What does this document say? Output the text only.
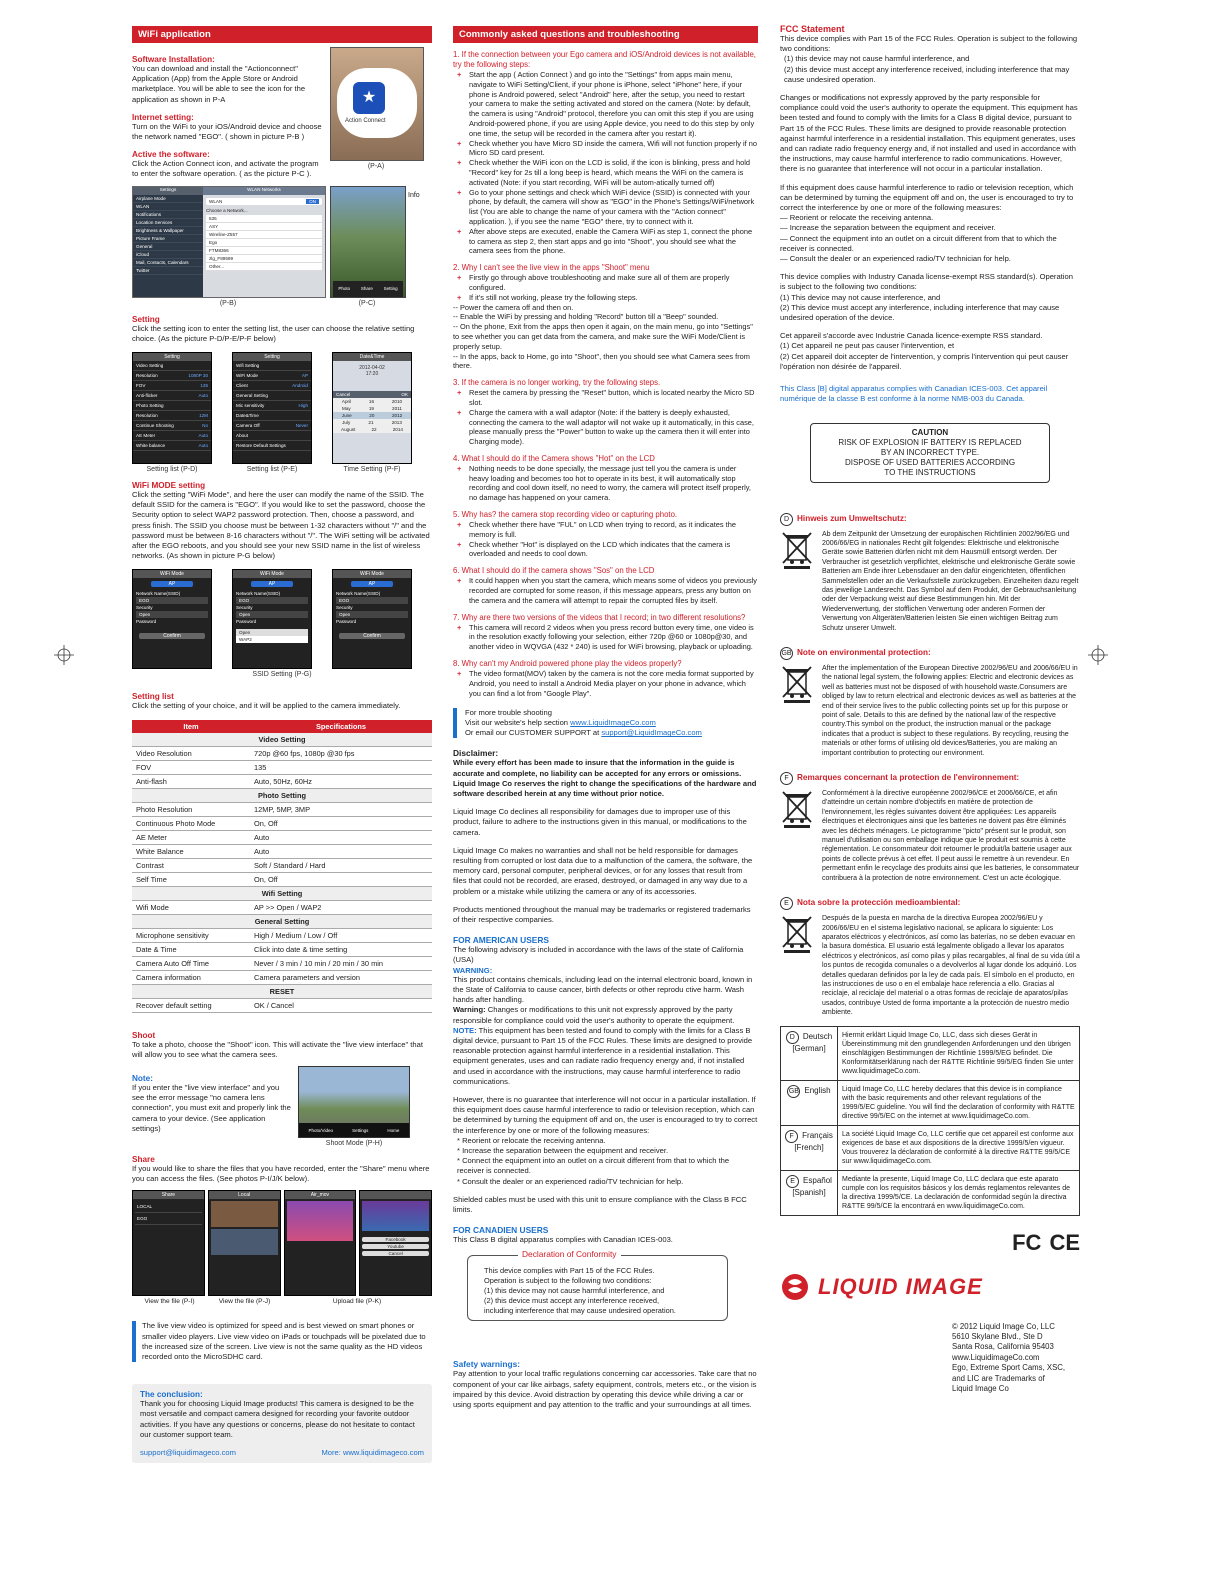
WiFi application
Software Installation:

You can download and install the "Actionconnect" Application (App) from the Apple Store or Android marketplace. You will be able to see the icon for the application as shown in P-A

Internet setting:

Turn on the WiFi to your iOS/Android device and choose the network named "EGO". ( shown in picture P-B )

Active the software:

Click the Action Connect icon, and activate the program to enter the software operation. ( as the picture P-C ).

★
Action Connect
(P-A)
Settings
Airplane Mode
WLAN
Notifications
Location Services
Brightness & Wallpaper
Picture Frame
General
iCloud
Mail, Contacts, Calendars
Twitter
WLAN Networks
WLAN	ON
Choose a Network...
535
ASY
Wireline-Z557
Ego
FTM8366
zlg_F89599
Other...
(P-B)
Photo Share Setting
Info
(P-C)
Setting

Click the setting icon to enter the setting list, the user can choose the relative setting choice. (As the picture P-D/P-E/P-F below)

Setting
Video Setting
Resolution	1080P 30
FOV	135
Anti-flicker	Auto
Photo Setting
Resolution	12M
Continue Shooting	No
AE Meter	Auto
White balance	Auto
Setting list (P-D)
Setting
Wifi Setting
WiFi Mode	AP
Client	Android
General Setting
Mic sensitivity	High
Date&Time
Camera Off	Never
About
Restore Default Settings
Setting list (P-E)
Date&Time
2012-04-02
17:20
Cancel	OK
April	16	2010
May	19	2011
June	20	2012
July	21	2013
August	22	2014
Time Setting (P-F)
WiFi MODE setting

Click the setting "WiFi Mode", and here the user can modify the name of the SSID. The default SSID for the camera is "EGO". If you would like to set the password, choose the Security option to select WAP2 password protection. Then, choose a password, and press finish. The SSID you choose must be between 1-32 characters without "/" and the password must be between 8-16 characters without "/". The WiFi setting will be activated after the EGO reboots, and you should see your new SSID name in the list of wireless networks. (As shown in picture P-G below)

WiFi Mode
AP
Network Name(SSID)
EGO
Security
Open
Password
Confirm
WiFi Mode
AP
Network Name(SSID)
EGO
Security
Open
Password
Open
WAP2
WiFi Mode
AP
Network Name(SSID)
EGO
Security
Open
Password
Confirm
SSID Setting (P-G)
Setting list

Click the setting of your choice, and it will be applied to the camera immediately.

Item	Specifications
Video Setting	
Video Resolution	720p @60 fps, 1080p @30 fps
FOV	135
Anti-flash	Auto, 50Hz, 60Hz
Photo Setting	
Photo Resolution	12MP, 5MP, 3MP
Continuous Photo Mode	On, Off
AE Meter	Auto
White Balance	Auto
Contrast	Soft / Standard / Hard
Self Time	On, Off
Wifi Setting	
Wifi Mode	AP >> Open / WAP2
General Setting	
Microphone sensitivity	High / Medium / Low / Off
Date & Time	Click into date & time setting
Camera Auto Off Time	Never / 3 min / 10 min / 20 min / 30 min
Camera information	Camera parameters and version
RESET	
Recover default setting	OK / Cancel
Shoot

To take a photo, choose the "Shoot" icon. This will activate the "live view interface" that will allow you to see what the camera sees.

Note:

If you enter the "live view interface" and you see the error message "no camera lens connection", you must exit and properly link the camera to your device. (See application settings)	Photo/Video	Settings	Home
Shoot Mode (P-H)
Share

If you would like to share the files that you have recorded, enter the "Share" menu where you can access the files. (See photos P-I/J/K below).

Share
LOCAL
EGO
Local	Air_mov
Facebook
Youtube
Cancel
View the file (P-I)	View the file (P-J)	Upload file (P-K)

The live view video is optimized for speed and is best viewed on smart phones or smaller video players. Live view video on iPads or touchpads will be pixelated due to the increased size of the screen. Live view is not the same quality as the HD videos recorded onto the MicroSDHC card.

The conclusion:

Thank you for choosing Liquid Image products! This camera is designed to be the most versatile and compact camera designed for recording your favorite outdoor activities. If you have any questions or concerns, please do not hesitate to contact our customer support team.

support@liquidimageco.com	More: www.liquidimageco.com
Commonly asked questions and troubleshooting
1. If the connection between your Ego camera and iOS/Android devices is not available, try the following steps:
+ Start the app ( Action Connect ) and go into the "Settings" from apps main menu, navigate to WiFi Setting/Client, if your phone is iPhone, select "iPhone" here, if your phone is Android powered, select "Android" here, after the setup, you need to restart your camera to make the setting activated and stored on the camera (Note: by default, the camera is using "Android" protocol, therefore you can omit this step if you are using Android-powered phone, if you are using Apple device, you need to do this step by only one time, the setup will be recorded in the camera after you restart it).
+ Check whether you have Micro SD inside the camera, Wifi will not function properly if no Micro SD card present.
+ Check whether the WiFi icon on the LCD is solid, if the icon is blinking, press and hold "Record" key for 2s till a long beep is heard, which means the WiFi on the camera is activated (Note: if you start recording, WiFi will be autom-atically turned off)
+ Go to your phone settings and check which WiFi device (SSID) is connected with your phone, by default, the camera will show as "EGO" in the Phone's Settings/WiFi/network list (You are able to change the name of your camera with the "Action connect" application. ), if you see the name "EGO" there, try to connect with it.
+ After above steps are executed, enable the Camera WiFi as step 1, connect the phone to camera as step 2, then start apps and go into "Shoot", you should see what the camera sees from the phone.
2. Why I can't see the live view in the apps "Shoot" menu
+ Firstly go through above troubleshooting and make sure all of them are properly configured.
+ If it's still not working, please try the following steps.
-- Power the camera off and then on.
-- Enable the WiFi by pressing and holding "Record" button till a "Beep" sounded.
-- On the phone, Exit from the apps then open it again, on the main menu, go into "Settings" to see whether you can get data from the camera, and make sure the WiFi Mode/Client is properly setup.
-- In the apps, back to Home, go into "Shoot", then you should see what Camera sees from there.
3. If the camera is no longer working, try the following steps.
+ Reset the camera by pressing the "Reset" button, which is located nearby the Micro SD slot.
+ Charge the camera with a wall adaptor (Note: if the battery is deeply exhausted, connecting the camera to the wall adaptor will not wake up it automatically, in this case, please manually press the "Power" button to wake up the camera then it will enter into Charging mode).
4. What I should do if the Camera shows "Hot" on the LCD
+ Nothing needs to be done specially, the message just tell you the camera is under heavy loading and becomes too hot to operate in its best, it will automatically stop recording and cool down itself, no need to worry, the camera will protect itself properly, no damage has happened on your camera.
5. Why has? the camera stop recording video or capturing photo.
+ Check whether there have "FUL" on LCD when trying to record, as it indicates the memory is full.
+ Check whether "Hot" is displayed on the LCD which indicates that the camera is overloaded and needs to cool down.
6. What I should do if the camera shows "Sos" on the LCD
+ It could happen when you start the camera, which means some of videos you previously recorded are corrupted for some reason, if this message appears, press any button on the camera and the camera will attempt to repair the corrupted files by itself.
7. Why are there two versions of the videos that I record; in two different resolutions?
+ This camera will record 2 videos when you press record button every time, one video is in the resolution exactly following your selection, either 720p @60 or 1080p@30, and another video in WQVGA (432 * 240) is used for WiFi browsing, playback or uploading.
8. Why can't my Android powered phone play the videos properly?
+ The video format(MOV) taken by the camera is not the core media format supported by Android, you need to install a Android Media player on your phone in advance, which you can find a lot from "Google Play".
For more trouble shooting
Visit our website's help section www.LiquidImageCo.com
Or email our CUSTOMER SUPPORT at support@LiquidImageCo.com
Disclaimer:

While every effort has been made to insure that the information in the guide is accurate and complete, no liability can be accepted for any errors or omissions. Liquid Image Co reserves the right to change the specifications of the hardware and software described herein at any time without prior notice.

Liquid Image Co declines all responsibility for damages due to improper use of this product, failure to adhere to the instructions given in this manual, or modifications to the camera.

Liquid Image Co makes no warranties and shall not be held responsible for damages resulting from corrupted or lost data due to a malfunction of the camera, the software, the memory card, personal computer, peripheral devices, or for any losses that result from files that could not be recorded, are erased, destroyed, or damaged in any way due to a problem or a mistake while utilizing the camera or any of its accessories.

Products mentioned throughout the manual may be trademarks or registered trademarks of their respective companies.

FOR AMERICAN USERS

The following advisory is included in accordance with the laws of the state of California (USA)

WARNING:

This product contains chemicals, including lead on the internal electronic board, known in the State of California to cause cancer, birth defects or other reprodu ctive harm. Wash hands after handling.

Warning: Changes or modifications to this unit not expressly approved by the party responsible for compliance could void the user's authority to operate the equipment.

NOTE: This equipment has been tested and found to comply with the limits for a Class B digital device, pursuant to Part 15 of the FCC Rules. These limits are designed to provide reasonable protection against harmful interference in a residential installation. This equipment generates, uses and can radiate radio frequency energy and, if not installed and used in accordance with the instructions, may cause harmful interference to radio communications.

However, there is no guarantee that interference will not occur in a particular installation. If this equipment does cause harmful interference to radio or television reception, which can be determined by turning the equipment off and on, the user is encouraged to try to correct the interference by one or more of the following measures:

* Reorient or relocate the receiving antenna.
* Increase the separation between the equipment and receiver.
* Connect the equipment into an outlet on a circuit different from that to which the receiver is connected.
* Consult the dealer or an experienced radio/TV technician for help.

Shielded cables must be used with this unit to ensure compliance with the Class B FCC limits.

FOR CANADIEN USERS

This Class B digital apparatus complies with Canadian ICES-003.

Declaration of Conformity
This device complies with Part 15 of the FCC Rules.
Operation is subject to the following two conditions:
(1) this device may not cause harmful interference, and
(2) this device must accept any interference received,
including interference that may cause undesired operation.
Safety warnings:

Pay attention to your local traffic regulations concerning car accessories. Take care that no component of your car like airbags, safety equipment, controls, meters etc., or the vision is impaired by this device. Avoid distraction by operating this device while driving a car or using sports equipment and pay attention to the traffic and your surroundings at all times.

FCC Statement

This device complies with Part 15 of the FCC Rules. Operation is subject to the following two conditions:

(1) this device may not cause harmful interference, and

(2) this device must accept any interference received, including interference that may cause undesired operation.

Changes or modifications not expressly approved by the party responsible for compliance could void the user's authority to operate the equipment. This equipment has been tested and found to comply with the limits for a Class B digital device, pursuant to Part 15 of the FCC Rules. These limits are designed to provide reasonable protection against harmful interference in a residential installation. This equipment generates, uses and can radiate radio frequency energy and, if not installed and used in accordance with the instructions, may cause harmful interference to radio communications. However, there is no guarantee that interference will not occur in a particular installation.

If this equipment does cause harmful interference to radio or television reception, which can be determined by turning the equipment off and on, the user is encouraged to try to correct the interference by one or more of the following measures:

— Reorient or relocate the receiving antenna.
— Increase the separation between the equipment and receiver.
— Connect the equipment into an outlet on a circuit different from that to which the receiver is connected.
— Consult the dealer or an experienced radio/TV technician for help.

This device complies with Industry Canada license-exempt RSS standard(s). Operation is subject to the following two conditions:

(1) This device may not cause interference, and
(2) This device must accept any interference, including interference that may cause undesired operation of the device.

Cet appareil s'accorde avec Industrie Canada licence-exempte RSS standard.

(1) Cet appareil ne peut pas causer l'intervention, et
(2) Cet appareil doit accepter de l'intervention, y compris l'intervention qui peut causer l'opération non désirée de l'appareil.

This Class [B] digital apparatus complies with Canadian ICES-003. Cet appareil numérique de la classe B est conforme à la norme NMB-003 du Canada.

CAUTION
RISK OF EXPLOSION IF BATTERY IS REPLACED
BY AN INCORRECT TYPE.
DISPOSE OF USED BATTERIES ACCORDING
TO THE INSTRUCTIONS
D Hinweis zum Umweltschutz:
Ab dem Zeitpunkt der Umsetzung der europäischen Richtlinien 2002/96/EG und 2006/66/EG in nationales Recht gilt folgendes: Elektrische und elektronische Geräte sowie Batterien dürfen nicht mit dem Hausmüll entsorgt werden. Der Verbraucher ist gesetzlich verpflichtet, elektrische und elektronische Geräte sowie Batterien am Ende ihrer Lebensdauer an den dafür eingerichteten, öffentlichen Sammelstellen oder an die Verkaufsstelle zurückzugeben. Einzelheiten dazu regelt das jeweilige Landesrecht. Das Symbol auf dem Produkt, der Gebrauchsanleitung oder der Verpackung weist auf diese Bestimmungen hin. Mit der Wiederverwertung, der stofflichen Verwertung oder anderen Formen der Verwertung von Altgeräten/Batterien leisten Sie einen wichtigen Beitrag zum Schutz unserer Umwelt.
GB Note on environmental protection:
After the implementation of the European Directive 2002/96/EU and 2006/66/EU in the national legal system, the following applies: Electric and electronic devices as well as batteries must not be disposed of with household waste.Consumers are obliged by law to return electrical and electronic devices as well as batteries at the end of their service lives to the public collecting points set up for this purpose or point of sale. Details to this are defined by the national law of the respective country.This symbol on the product, the instruction manual or the package indicates that a product is subject to these regulations. By recycling, reusing the materials or other forms of utilising old devices/Batteries, you are making an important contribution to protecting our environment.
F Remarques concernant la protection de l'environnement:
Conformément à la directive européenne 2002/96/CE et 2006/66/CE, et afin d'atteindre un certain nombre d'objectifs en matière de protection de l'environnement, les règles suivantes doivent être appliquées: Les appareils électriques et électroniques ainsi que les batteries ne doivent pas être éliminés avec les déchets ménagers. Le pictogramme "picto" présent sur le produit, son manuel d'utilisation ou son emballage indique que le produit est soumis à cette réglementation. Le consommateur doit retourner le produit/la batterie usager aux points de collecte prévus à cet effet. Il peut aussi le remettre à un revendeur. En permettant enfin le recyclage des produits ainsi que les batteries, le consommateur contribuera à la protection de notre environnement. C'est un acte écologique.
E Nota sobre la protección medioambiental:
Después de la puesta en marcha de la directiva Europea 2002/96/EU y 2006/66/EU en el sistema legislativo nacional, se aplicara lo siguiente: Los aparatos eléctricos y electrónicos, así como las baterías, no se deben evacuar en la basura doméstica. El usuario está legalmente obligado a llevar los aparatos eléctricos y electrónicos, así como pilas y pilas recargables, al final de su vida útil a los puntos de recogida comunales o a devolverlos al lugar donde los adquirió. Los detalles quedaran definidos por la ley de cada país. El símbolo en el producto, en las instrucciones de uso o en el embalaje hace referencia a ello. Gracias al reciclaje, al reciclaje del material o a otras formas de reciclaje de aparatos/pilas usados, contribuye Usted de forma importante a la protección de nuestro medio ambiente.
D Deutsch
[German]	Hiermit erklärt Liquid Image Co, LLC, dass sich dieses Gerät in Übereinstimmung mit den grundlegenden Anforderungen und den übrigen einschlägigen Bestimmungen der Richtlinie 1999/5/EG befindet. Die Konformitätserklärung nach der R&TTE Richtlinie 99/5/EG finden Sie unter www.liquidimageCo.com.
GB English	Liquid Image Co, LLC hereby declares that this device is in compliance with the basic requirements and other relevant regulations of the 1999/5/EC guideline. You will find the declaration of conformity with R&TTE directive 99/5/EC on the internet at www.liquidimageCo.com.
F Français
[French]	La société Liquid Image Co, LLC certifie que cet appareil est conforme aux exigences de base et aux dispositions de la directive 1999/5/en vigueur. Vous trouverez la déclaration de conformité à la directive R&TTE 99/5/CE sur www.liquidimageCo.com.
E Español
[Spanish]	Mediante la presente, Liquid Image Co, LLC declara que este aparato cumple con los requisitos básicos y los demás reglamentos relevantes de la directiva 1999/5/CE. La declaración de conformidad según la directiva R&TTE 99/5/CE la encontrará en www.liquidimageCo.com.
FC CE
LIQUID IMAGE
© 2012 Liquid Image Co, LLC
5610 Skylane Blvd., Ste D
Santa Rosa, California 95403
www.LiquidimageCo.com
Ego, Extreme Sport Cams, XSC,
and LIC are Trademarks of
Liquid Image Co
